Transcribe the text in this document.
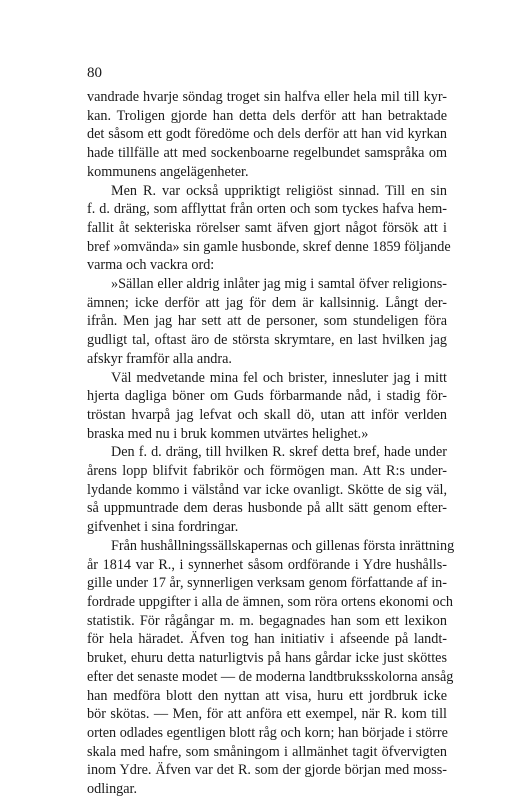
80
vandrade hvarje söndag troget sin halfva eller hela mil till kyr-
kan. Troligen gjorde han detta dels derför att han betraktade
det såsom ett godt föredöme och dels derför att han vid kyrkan
hade tillfälle att med sockenboarne regelbundet samspråka om
kommunens angelägenheter.
Men R. var också uppriktigt religiöst sinnad. Till en sin
f. d. dräng, som afflyttat från orten och som tyckes hafva hem-
fallit åt sekteriska rörelser samt äfven gjort något försök att i
bref »omvända» sin gamle husbonde, skref denne 1859 följande
varma och vackra ord:
»Sällan eller aldrig inlåter jag mig i samtal öfver religions-
ämnen; icke derför att jag för dem är kallsinnig. Långt der-
ifrån. Men jag har sett att de personer, som stundeligen föra
gudligt tal, oftast äro de största skrymtare, en last hvilken jag
afskyr framför alla andra.
Väl medvetande mina fel och brister, innesluter jag i mitt
hjerta dagliga böner om Guds förbarmande nåd, i stadig för-
tröstan hvarpå jag lefvat och skall dö, utan att inför verlden
braska med nu i bruk kommen utvärtes helighet.»
Den f. d. dräng, till hvilken R. skref detta bref, hade under
årens lopp blifvit fabrikör och förmögen man. Att R:s under-
lydande kommo i välstånd var icke ovanligt. Skötte de sig väl,
så uppmuntrade dem deras husbonde på allt sätt genom efter-
gifvenhet i sina fordringar.
Från hushållningssällskapernas och gillenas första inrättning
år 1814 var R., i synnerhet såsom ordförande i Ydre hushålls-
gille under 17 år, synnerligen verksam genom författande af in-
fordrade uppgifter i alla de ämnen, som röra ortens ekonomi och
statistik. För rågångar m. m. begagnades han som ett lexikon
för hela häradet. Äfven tog han initiativ i afseende på landt-
bruket, ehuru detta naturligtvis på hans gårdar icke just sköttes
efter det senaste modet — de moderna landtbruksskolorna ansåg
han medföra blott den nyttan att visa, huru ett jordbruk icke
bör skötas. — Men, för att anföra ett exempel, när R. kom till
orten odlades egentligen blott råg och korn; han började i större
skala med hafre, som småningom i allmänhet tagit öfvervigten
inom Ydre. Äfven var det R. som der gjorde början med moss-
odlingar.
